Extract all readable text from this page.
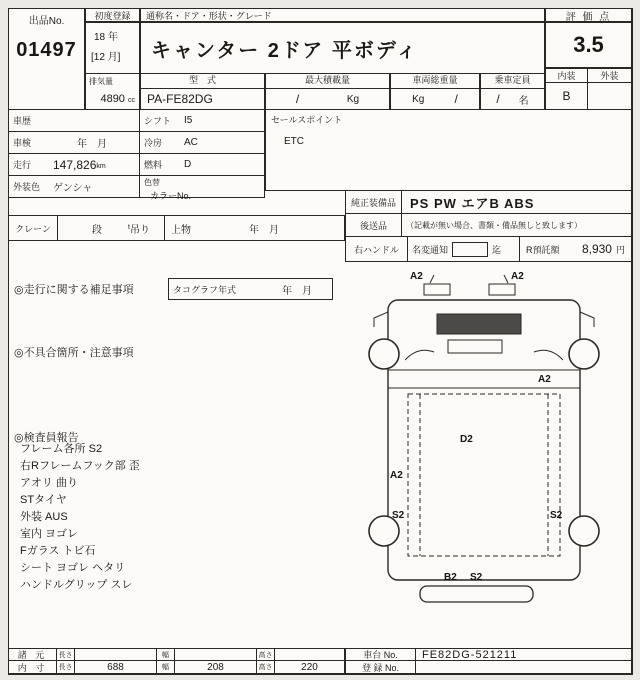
出品No.
01497
初度登録
18 年
[12 月]
通称名・ドア・形状・グレード
キャンター 2ドア 平ボディ
評 価 点
3.5
内装	外装
B
排気量
4890 cc
型　式
PA-FE82DG
最大積載量
/	Kg
車両総重量
Kg	/
乗車定員
/ 名
車歴	シフト	I5
車検	年　月	冷房	AC
走行	147,826 km	燃料	D
外装色	ゲンシャ
色替
カラーNo.
セールスポイント
ETC
純正装備品	PS PW エアB ABS
後送品	（記載が無い場合、書類・備品無しと致します）
クレーン	段	$^t$吊り 上物	年　月
右ハンドル	名変通知	迄	R預託額 8,930 円
◎走行に関する補足事項	タコグラフ年式	年　月
◎不具合箇所・注意事項
◎検査員報告
フレーム各所 S2
右Rフレームフック部 歪
アオリ 曲り
STタイヤ
外装 AUS
室内 ヨゴレ
Fガラス トビ石
シート ヨゴレ ヘタリ
ハンドルグリップ スレ
A2	A2
A2
A2
D2
S2	S2
B2 S2
諸 元	長さ	幅	高さ
内 寸	長さ	688	幅	208	高さ	220
車台 No.	FE82DG-521211
登 録 No.
